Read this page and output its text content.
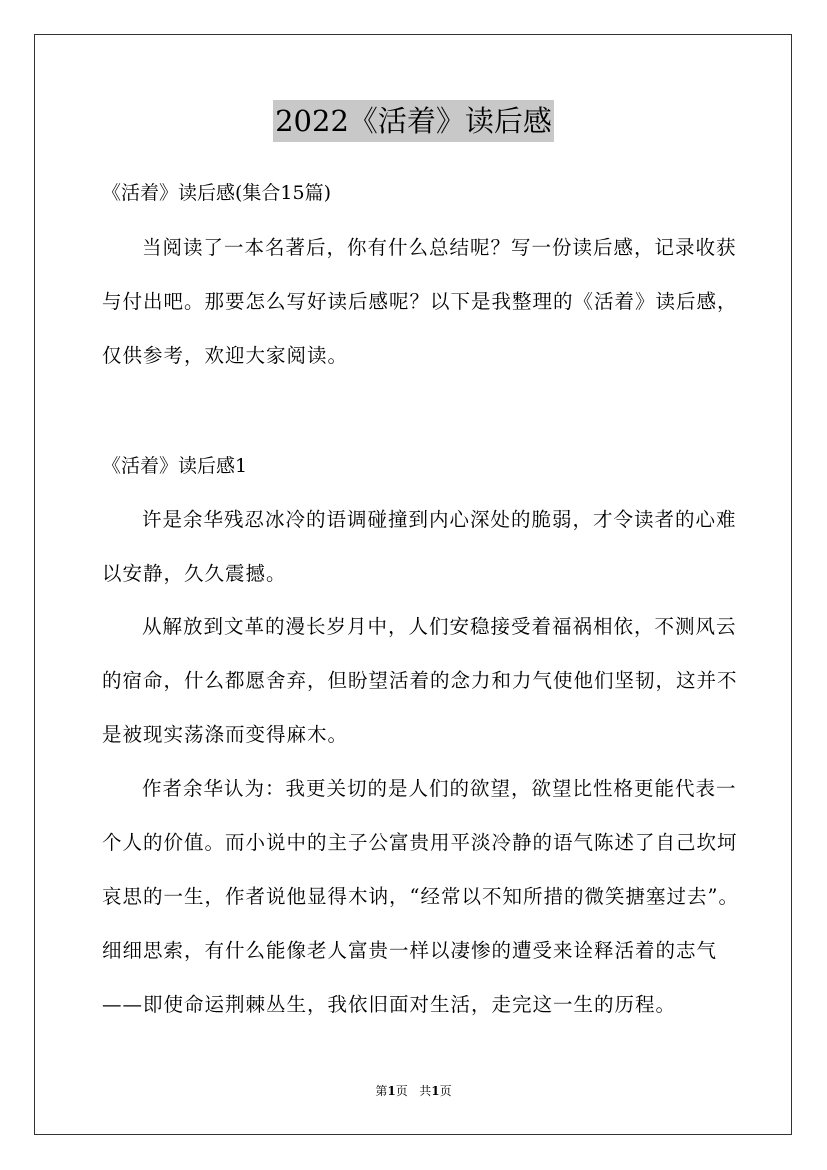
2022《活着》读后感
《活着》读后感(集合15篇)

当阅读了一本名著后，你有什么总结呢？写一份读后感，记录收获与付出吧。那要怎么写好读后感呢？以下是我整理的《活着》读后感，仅供参考，欢迎大家阅读。

《活着》读后感1

许是余华残忍冰冷的语调碰撞到内心深处的脆弱，才令读者的心难以安静，久久震撼。

从解放到文革的漫长岁月中，人们安稳接受着福祸相依，不测风云的宿命，什么都愿舍弃，但盼望活着的念力和力气使他们坚韧，这并不是被现实荡涤而变得麻木。

作者余华认为：我更关切的是人们的欲望，欲望比性格更能代表一个人的价值。而小说中的主子公富贵用平淡冷静的语气陈述了自己坎坷哀思的一生，作者说他显得木讷，“经常以不知所措的微笑搪塞过去”。细细思索，有什么能像老人富贵一样以凄惨的遭受来诠释活着的志气——即使命运荆棘丛生，我依旧面对生活，走完这一生的历程。

第1页 共1页
